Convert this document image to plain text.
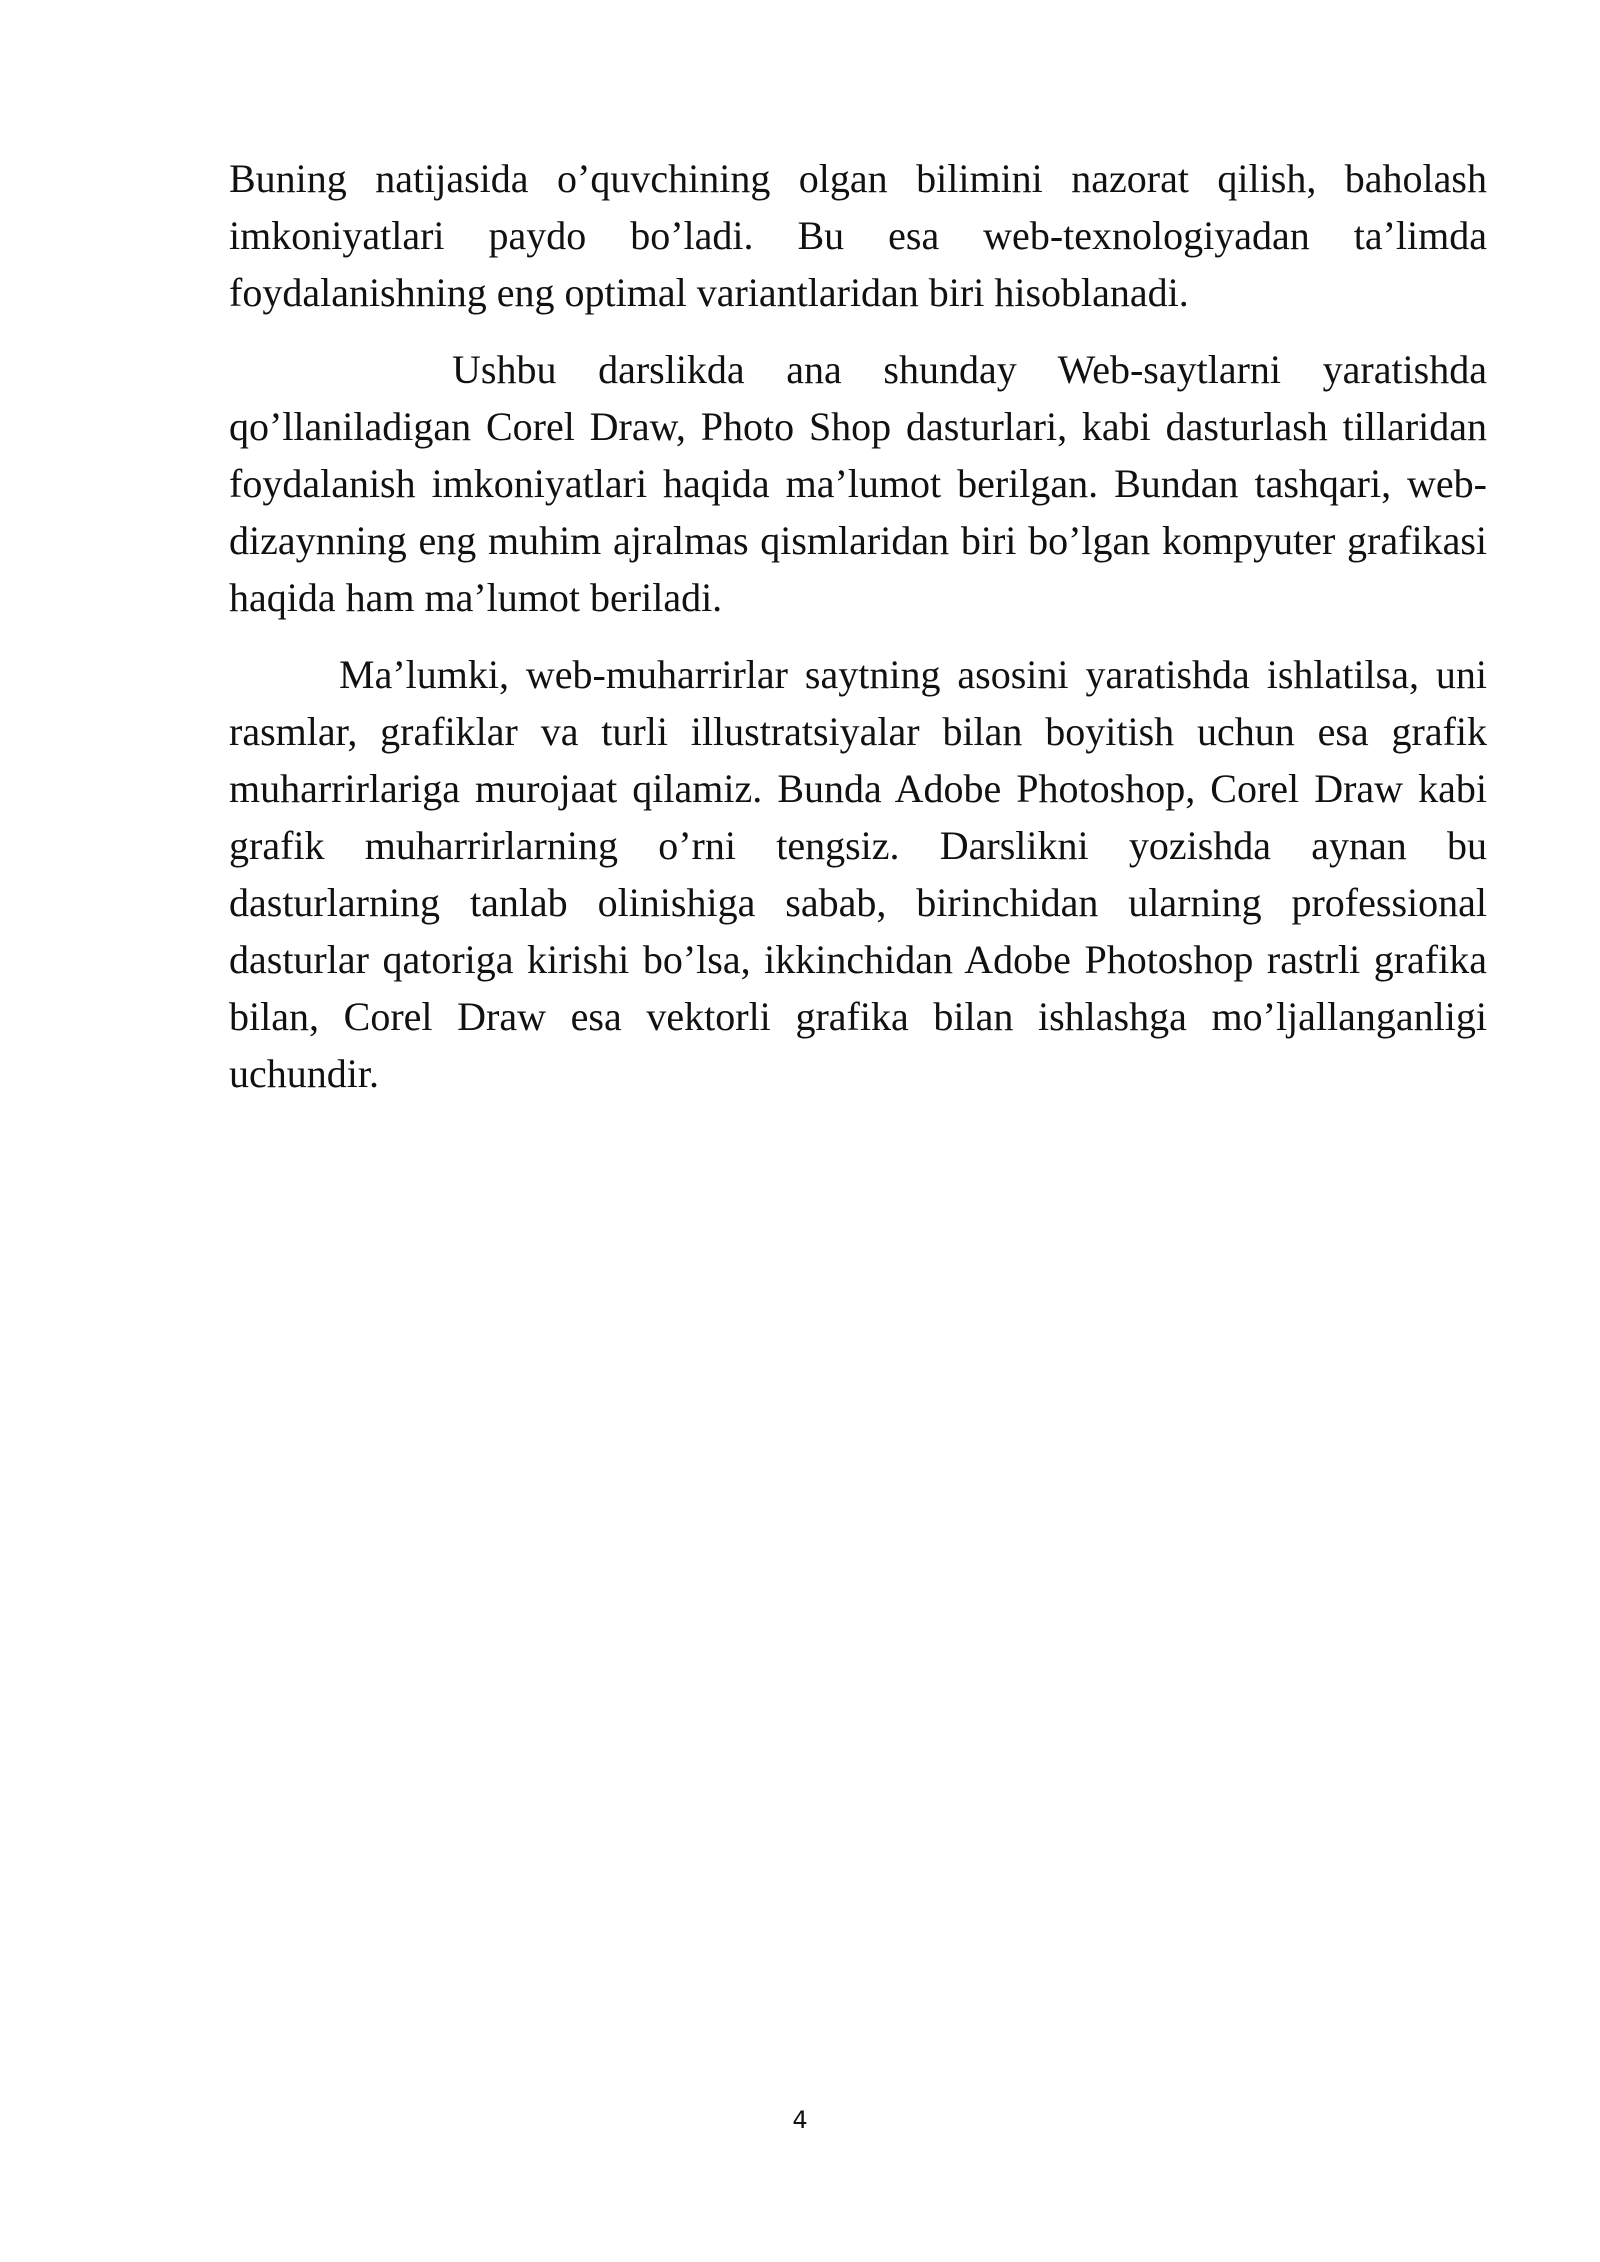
Buning natijasida o’quvchining olgan bilimini nazorat qilish, baholash imkoniyatlari paydo bo’ladi. Bu esa web-texnologiyadan ta’limda foydalanishning eng optimal variantlaridan biri hisoblanadi.

Ushbu darslikda ana shunday Web-saytlarni yaratishda qo’llaniladigan Corel Draw, Photo Shop dasturlari, kabi dasturlash tillaridan foydalanish imkoniyatlari haqida ma’lumot berilgan. Bundan tashqari, web-dizaynning eng muhim ajralmas qismlaridan biri bo’lgan kompyuter grafikasi haqida ham ma’lumot beriladi.

Ma’lumki, web-muharrirlar saytning asosini yaratishda ishlatilsa, uni rasmlar, grafiklar va turli illustratsiyalar bilan boyitish uchun esa grafik muharrirlariga murojaat qilamiz. Bunda Adobe Photoshop, Corel Draw kabi grafik muharrirlarning o’rni tengsiz. Darslikni yozishda aynan bu dasturlarning tanlab olinishiga sabab, birinchidan ularning professional dasturlar qatoriga kirishi bo’lsa, ikkinchidan Adobe Photoshop rastrli grafika bilan, Corel Draw esa vektorli grafika bilan ishlashga mo’ljallanganligi uchundir.

4
